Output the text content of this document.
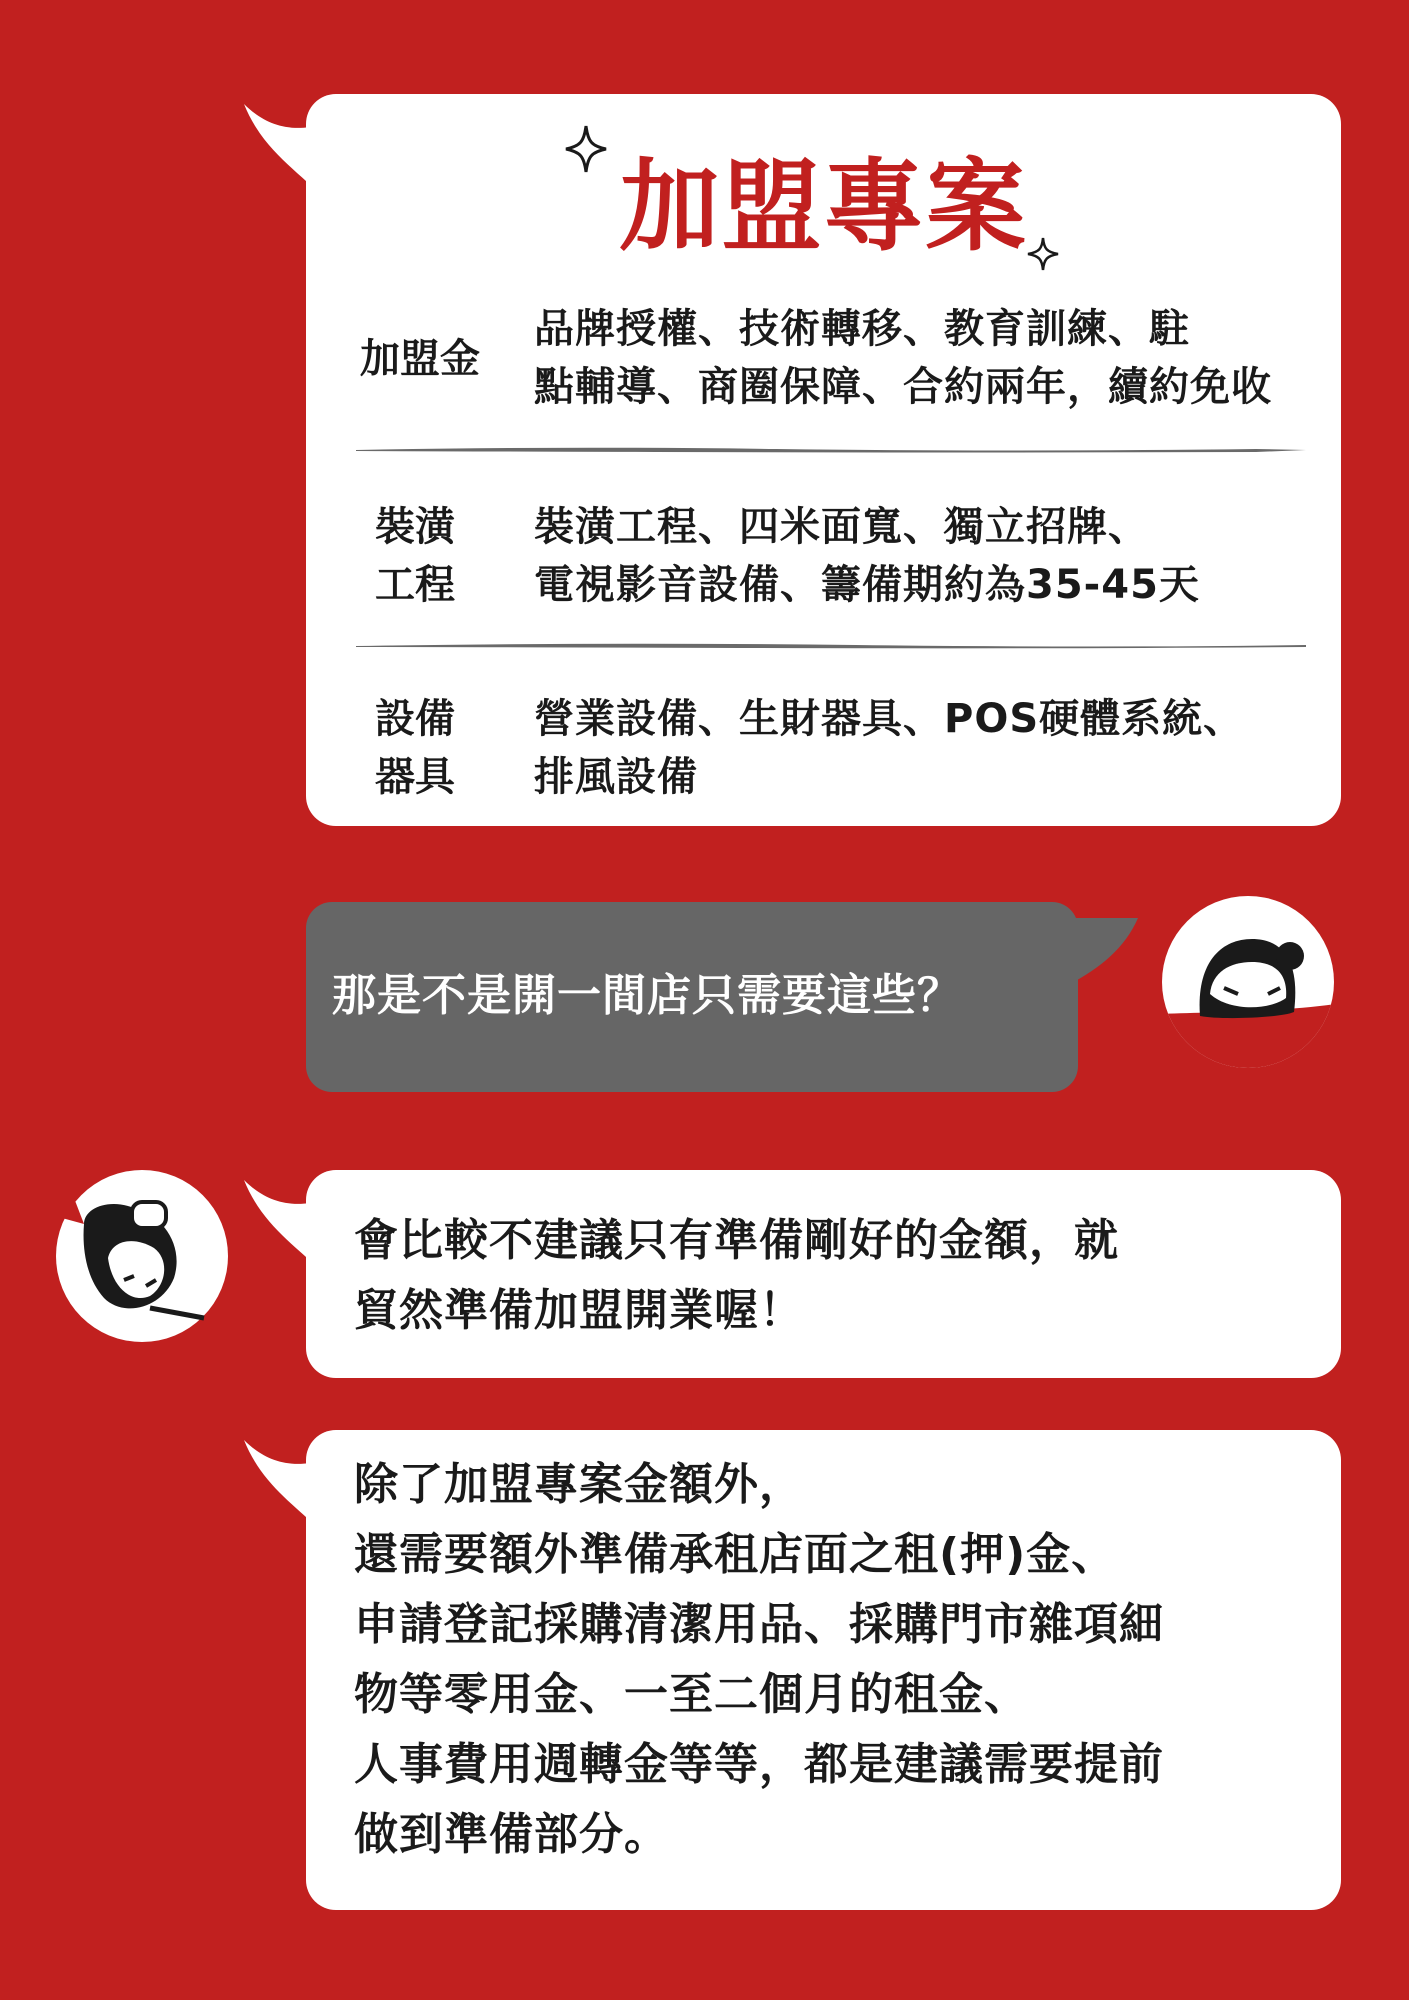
加盟專案
加盟金
品牌授權、技術轉移、教育訓練、駐
點輔導、商圈保障、合約兩年，續約免收
裝潢
工程
裝潢工程、四米面寬、獨立招牌、
電視影音設備、籌備期約為35-45天
設備
器具
營業設備、生財器具、POS硬體系統、
排風設備
那是不是開一間店只需要這些？
會比較不建議只有準備剛好的金額，就
貿然準備加盟開業喔！
除了加盟專案金額外，
還需要額外準備承租店面之租(押)金、
申請登記採購清潔用品、採購門市雜項細
物等零用金、一至二個月的租金、
人事費用週轉金等等，都是建議需要提前
做到準備部分。
